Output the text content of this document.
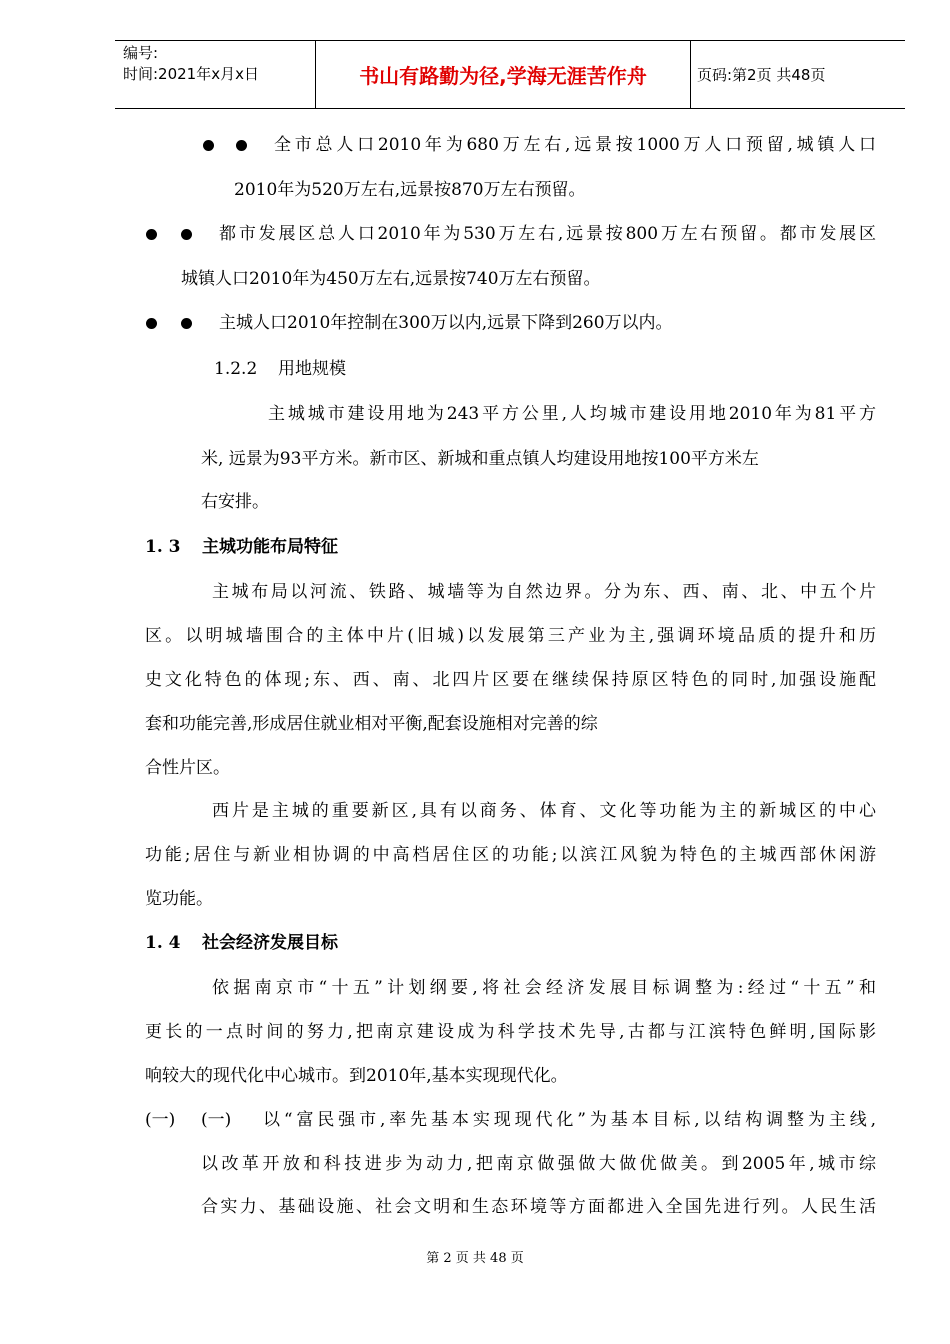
编号:
时间:2021年x月x日	书山有路勤为径,学海无涯苦作舟	页码:第2页 共48页
全市总人口2010年为680万左右,远景按1000万人口预留,城镇人口
2010年为520万左右,远景按870万左右预留。
都市发展区总人口2010年为530万左右,远景按800万左右预留。都市发展区
城镇人口2010年为450万左右,远景按740万左右预留。
主城人口2010年控制在300万以内,远景下降到260万以内。
1.2.2 用地规模
主城城市建设用地为243平方公里,人均城市建设用地2010年为81平方
米, 远景为93平方米。新市区、新城和重点镇人均建设用地按100平方米左
右安排。
1. 3 主城功能布局特征
主城布局以河流、铁路、城墙等为自然边界。分为东、西、南、北、中五个片
区。以明城墙围合的主体中片(旧城)以发展第三产业为主,强调环境品质的提升和历
史文化特色的体现;东、西、南、北四片区要在继续保持原区特色的同时,加强设施配
套和功能完善,形成居住就业相对平衡,配套设施相对完善的综
合性片区。
西片是主城的重要新区,具有以商务、体育、文化等功能为主的新城区的中心
功能;居住与新业相协调的中高档居住区的功能;以滨江风貌为特色的主城西部休闲游
览功能。
1. 4 社会经济发展目标
依据南京市“十五”计划纲要,将社会经济发展目标调整为:经过“十五”和
更长的一点时间的努力,把南京建设成为科学技术先导,古都与江滨特色鲜明,国际影
响较大的现代化中心城市。到2010年,基本实现现代化。
(一) (一) 以“富民强市,率先基本实现现代化”为基本目标,以结构调整为主线,
以改革开放和科技进步为动力,把南京做强做大做优做美。到2005年,城市综
合实力、基础设施、社会文明和生态环境等方面都进入全国先进行列。人民生活
第 2 页 共 48 页
